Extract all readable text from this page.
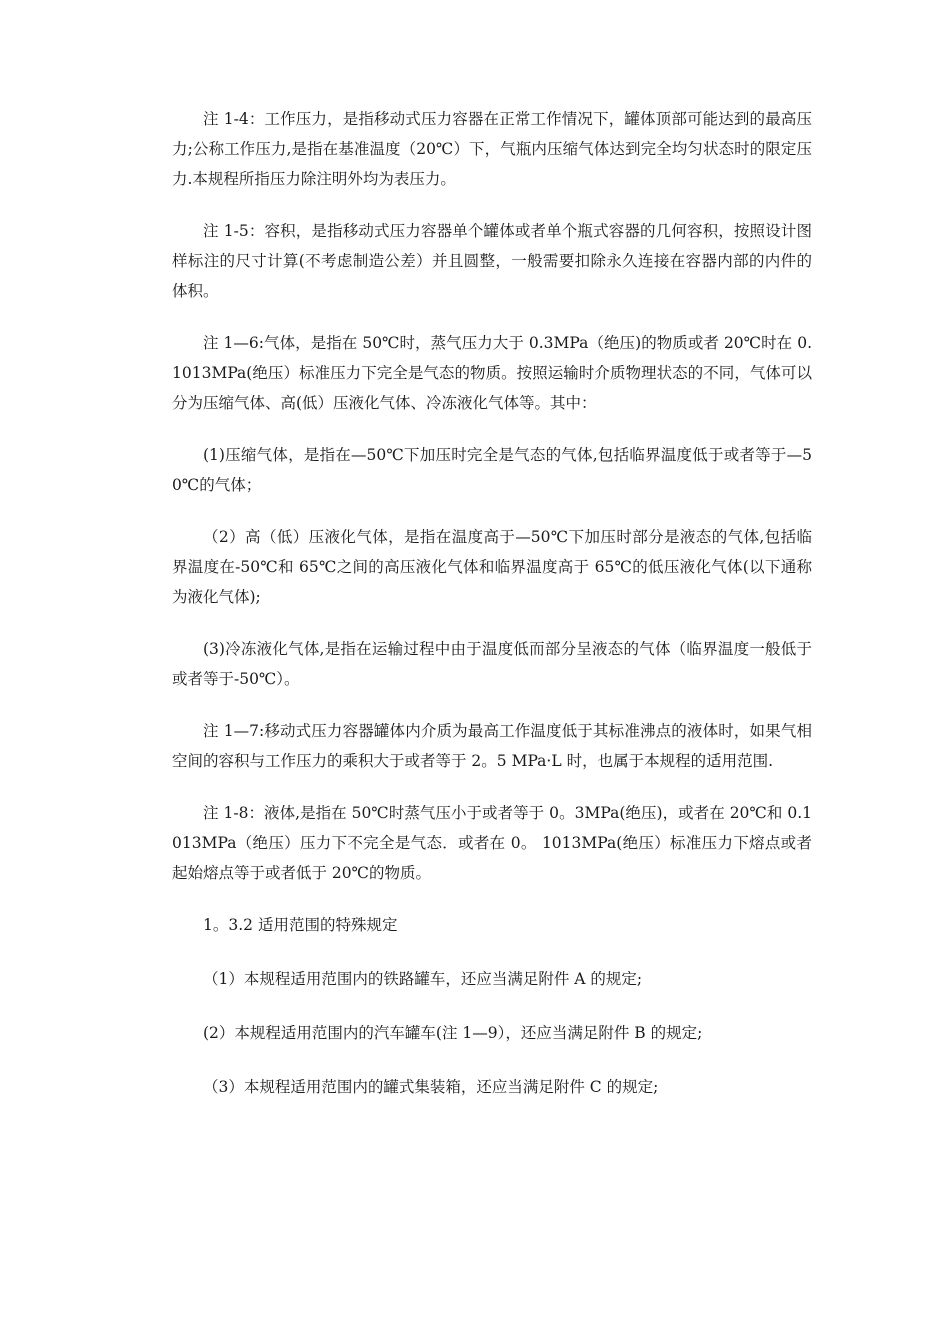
注 1-4：工作压力，是指移动式压力容器在正常工作情况下，罐体顶部可能达到的最高压力;公称工作压力,是指在基准温度（20℃）下，气瓶内压缩气体达到完全均匀状态时的限定压力.本规程所指压力除注明外均为表压力。

注 1-5：容积，是指移动式压力容器单个罐体或者单个瓶式容器的几何容积，按照设计图样标注的尺寸计算(不考虑制造公差）并且圆整，一般需要扣除永久连接在容器内部的内件的体积。

注 1—6:气体，是指在 50℃时，蒸气压力大于 0.3MPa（绝压)的物质或者 20℃时在 0.1013MPa(绝压）标准压力下完全是气态的物质。按照运输时介质物理状态的不同，气体可以分为压缩气体、高(低）压液化气体、冷冻液化气体等。其中：

(1)压缩气体，是指在—50℃下加压时完全是气态的气体,包括临界温度低于或者等于—50℃的气体；

（2）高（低）压液化气体，是指在温度高于—50℃下加压时部分是液态的气体,包括临界温度在-50℃和 65℃之间的高压液化气体和临界温度高于 65℃的低压液化气体(以下通称为液化气体);

(3)冷冻液化气体,是指在运输过程中由于温度低而部分呈液态的气体（临界温度一般低于或者等于-50℃）。

注 1—7:移动式压力容器罐体内介质为最高工作温度低于其标准沸点的液体时，如果气相空间的容积与工作压力的乘积大于或者等于 2。5 MPa·L 时，也属于本规程的适用范围.

注 1-8：液体,是指在 50℃时蒸气压小于或者等于 0。3MPa(绝压)，或者在 20℃和 0.1013MPa（绝压）压力下不完全是气态．或者在 0。 1013MPa(绝压）标准压力下熔点或者起始熔点等于或者低于 20℃的物质。

1。3.2 适用范围的特殊规定

（1）本规程适用范围内的铁路罐车，还应当满足附件 A 的规定;

(2）本规程适用范围内的汽车罐车(注 1—9），还应当满足附件 B 的规定;

（3）本规程适用范围内的罐式集装箱，还应当满足附件 C 的规定;
